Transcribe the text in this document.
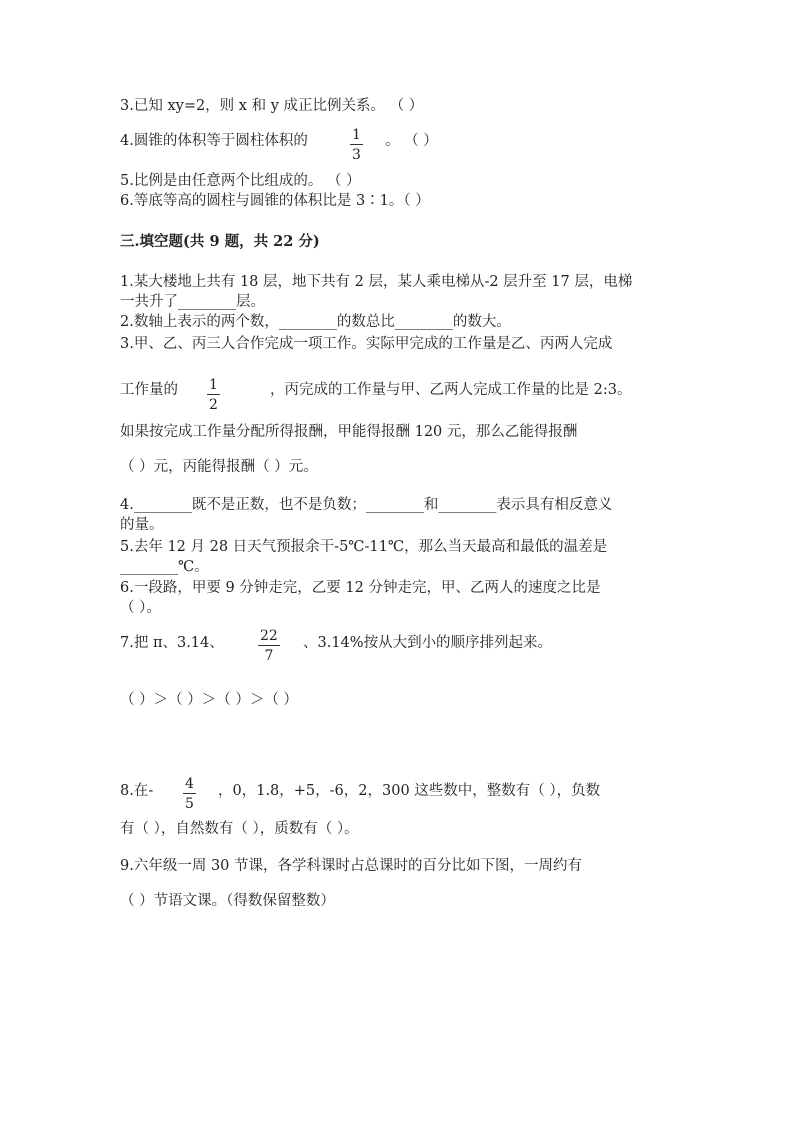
3.已知 xy=2，则 x 和 y 成正比例关系。 （ ）
4.圆锥的体积等于圆柱体积的	1
3
。 （ ）
5.比例是由任意两个比组成的。 （ ）
6.等底等高的圆柱与圆锥的体积比是 3∶1。（ ）
三.填空题(共 9 题，共 22 分)
1.某大楼地上共有 18 层，地下共有 2 层，某人乘电梯从-2 层升至 17 层，电梯
一共升了________层。
2.数轴上表示的两个数，________的数总比________的数大。
3.甲、乙、丙三人合作完成一项工作。实际甲完成的工作量是乙、丙两人完成
工作量的 1
2
，丙完成的工作量与甲、乙两人完成工作量的比是 2:3。
如果按完成工作量分配所得报酬，甲能得报酬 120 元，那么乙能得报酬
（ ）元，丙能得报酬（ ）元。
4.________既不是正数，也不是负数；________和________表示具有相反意义
的量。
5.去年 12 月 28 日天气预报余干-5℃-11℃，那么当天最高和最低的温差是
________℃。
6.一段路，甲要 9 分钟走完，乙要 12 分钟走完，甲、乙两人的速度之比是
（ ）。
7.把 π、3.14、	22
7
、3.14%按从大到小的顺序排列起来。
（ ）＞（ ）＞（ ）＞（ ）
8.在- 4
5
，0，1.8，+5，-6，2，300 这些数中，整数有（ ），负数
有（ ），自然数有（ ），质数有（ ）。
9.六年级一周 30 节课，各学科课时占总课时的百分比如下图，一周约有
（ ）节语文课。（得数保留整数）
